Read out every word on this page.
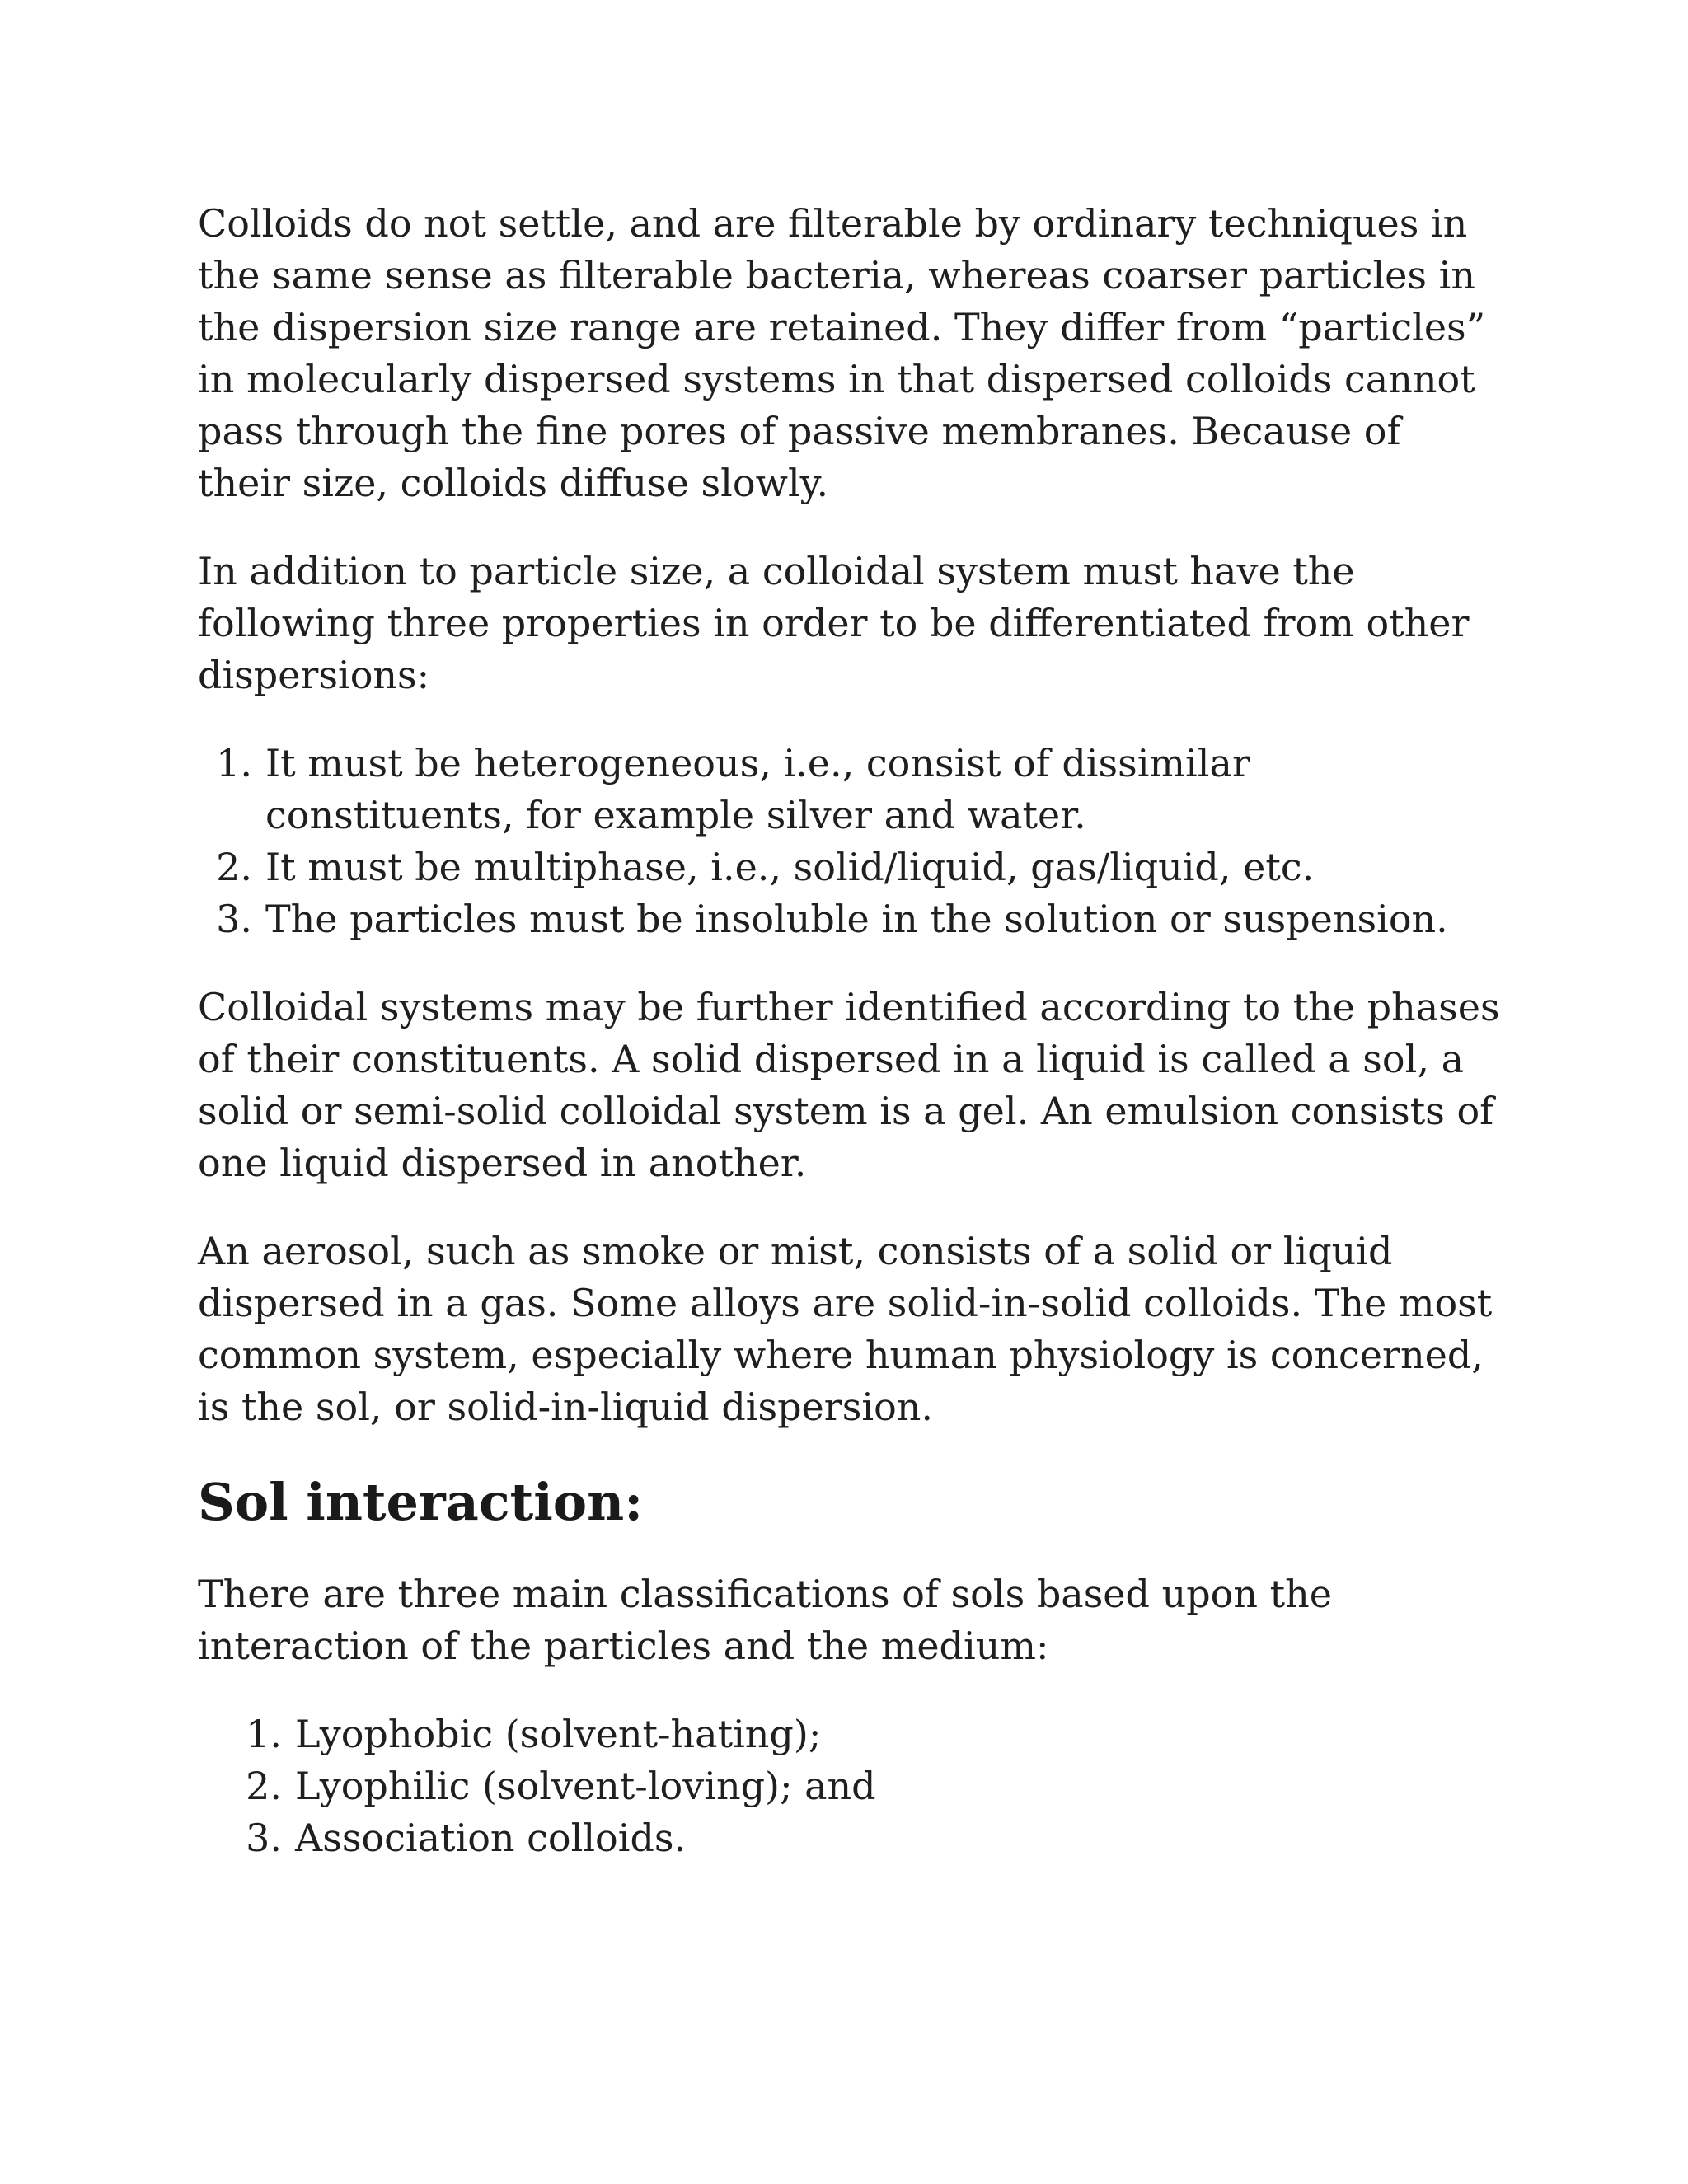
Colloids do not settle, and are filterable by ordinary techniques in the same sense as filterable bacteria, whereas coarser particles in the dispersion size range are retained. They differ from “particles” in molecularly dispersed systems in that dispersed colloids cannot pass through the fine pores of passive membranes. Because of their size, colloids diffuse slowly.

In addition to particle size, a colloidal system must have the following three properties in order to be differentiated from other dispersions:

1. It must be heterogeneous, i.e., consist of dissimilar constituents, for example silver and water.
2. It must be multiphase, i.e., solid/liquid, gas/liquid, etc.
3. The particles must be insoluble in the solution or suspension.

Colloidal systems may be further identified according to the phases of their constituents. A solid dispersed in a liquid is called a sol, a solid or semi-solid colloidal system is a gel. An emulsion consists of one liquid dispersed in another.

An aerosol, such as smoke or mist, consists of a solid or liquid dispersed in a gas. Some alloys are solid-in-solid colloids. The most common system, especially where human physiology is concerned, is the sol, or solid-in-liquid dispersion.

Sol interaction:

There are three main classifications of sols based upon the interaction of the particles and the medium:

1. Lyophobic (solvent-hating);
2. Lyophilic (solvent-loving); and
3. Association colloids.
